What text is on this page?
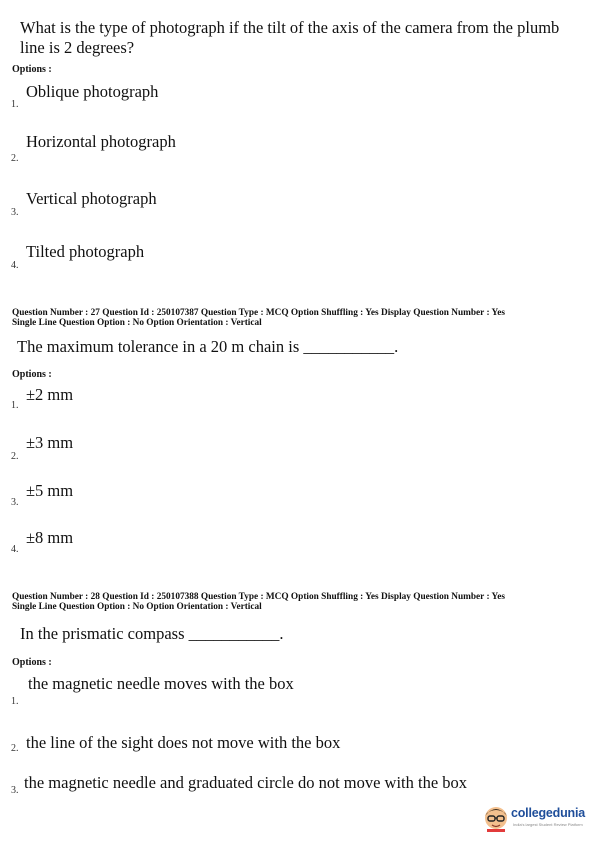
What is the type of photograph if the tilt of the axis of the camera from the plumb line is 2 degrees?
Options :
1.
Oblique photograph
2.
Horizontal photograph
3.
Vertical photograph
4.
Tilted photograph
Question Number : 27 Question Id : 250107387 Question Type : MCQ Option Shuffling : Yes Display Question Number : Yes
Single Line Question Option : No Option Orientation : Vertical
The maximum tolerance in a 20 m chain is ___________.
Options :
1.
±2 mm
2.
±3 mm
3.
±5 mm
4.
±8 mm
Question Number : 28 Question Id : 250107388 Question Type : MCQ Option Shuffling : Yes Display Question Number : Yes
Single Line Question Option : No Option Orientation : Vertical
In the prismatic compass ___________.
Options :
1.
the magnetic needle moves with the box
2. the line of the sight does not move with the box
3. the magnetic needle and graduated circle do not move with the box
collegedunia
India's largest Student Review Platform
